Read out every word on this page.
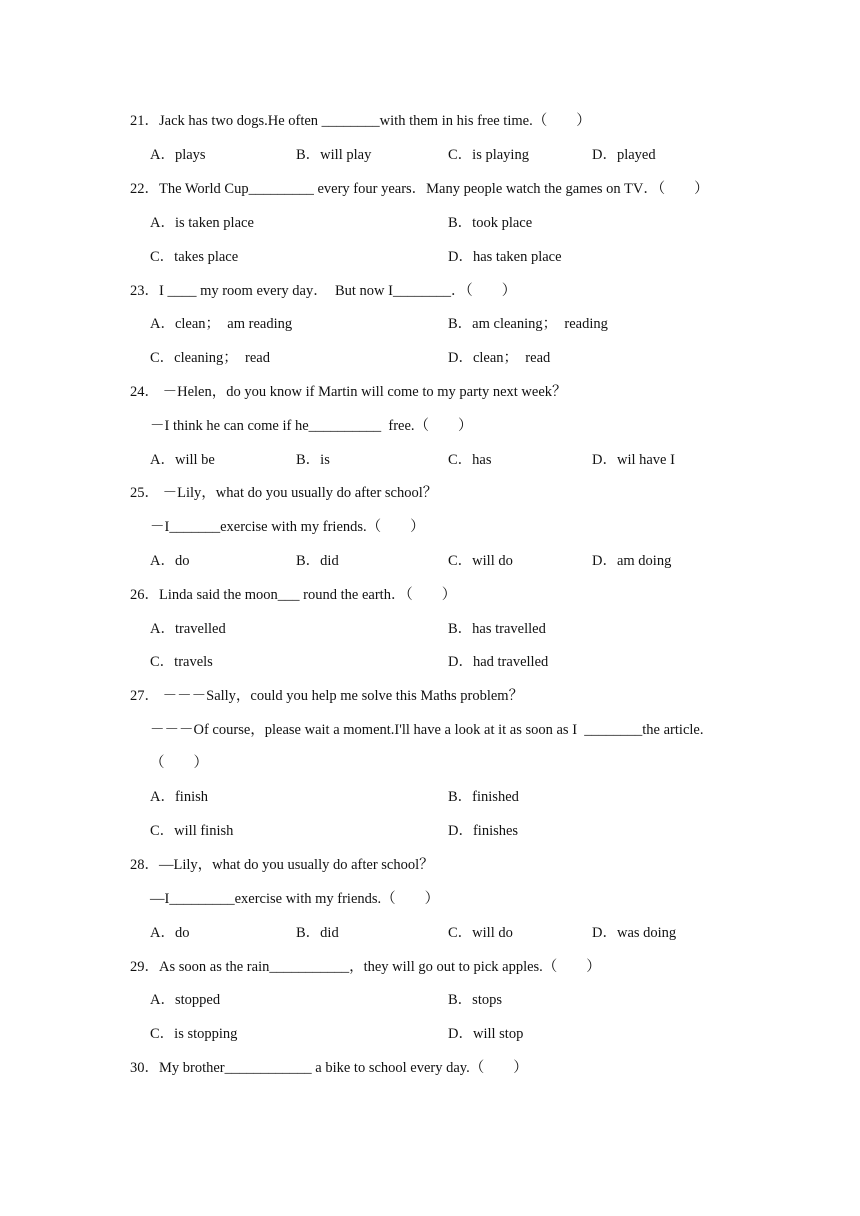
21．Jack has two dogs.He often ________with them in his free time.（　　）
A．plays	B．will play	C．is playing	D．played
22．The World Cup_________ every four years．Many people watch the games on TV．（　　）
A．is taken place	B．took place
C．takes place	D．has taken place
23．I ____ my room every day．  But now I________．（　　）
A．clean；  am reading	B．am cleaning；  reading
C．cleaning；  read	D．clean；  read
24． －Helen，do you know if Martin will come to my party next week？
－I think he can come if he__________  free.（　　）
A．will be	B．is	C．has	D．wil have I
25． －Lily，what do you usually do after school？
－I_______exercise with my friends.（　　）
A．do	B．did	C．will do	D．am doing
26．Linda said the moon___ round the earth．（　　）
A．travelled	B．has travelled
C．travels	D．had travelled
27． －－－Sally，could you help me solve this Maths problem？
－－－Of course，please wait a moment.I'll have a look at it as soon as I  ________the article.
（　　）
A．finish	B．finished
C．will finish	D．finishes
28．—Lily，what do you usually do after school？
—I_________exercise with my friends.（　　）
A．do	B．did	C．will do	D．was doing
29．As soon as the rain___________，they will go out to pick apples.（　　）
A．stopped	B．stops
C．is stopping	D．will stop
30．My brother____________ a bike to school every day.（　　）
